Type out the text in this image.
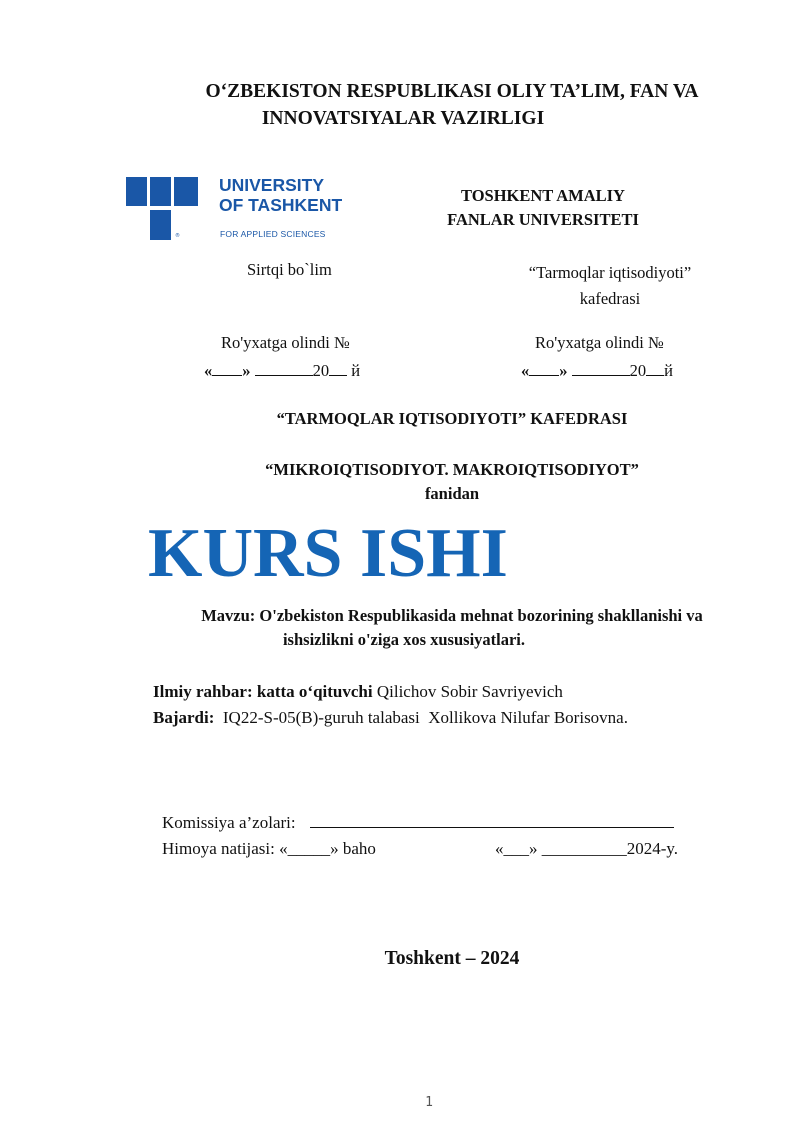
O‘ZBEKISTON RESPUBLIKASI OLIY TA’LIM, FAN VA
INNOVATSIYALAR VAZIRLIGI
®
UNIVERSITY
OF TASHKENT
FOR APPLIED SCIENCES
TOSHKENT AMALIY
FANLAR UNIVERSITETI
Sirtqi bo`lim	“Tarmoqlar iqtisodiyoti”
kafedrasi
Ro'yxatga olindi №
« »	20 й
Ro'yxatga olindi №
« »	20 й
“TARMOQLAR IQTISODIYOTI” KAFEDRASI
“MIKROIQTISODIYOT. MAKROIQTISODIYOT”
fanidan
KURS ISHI
Mavzu: O'zbekiston Respublikasida mehnat bozorining shakllanishi va
ishsizlikni o'ziga xos xususiyatlari.
Ilmiy rahbar: katta o‘qituvchi Qilichov Sobir Savriyevich
Bajardi:  IQ22-S-05(B)-guruh talabasi  Xollikova Nilufar Borisovna.
Komissiya a’zolari:
Himoya natijasi: «_____» baho	«___» __________2024-y.
Toshkent – 2024
1
